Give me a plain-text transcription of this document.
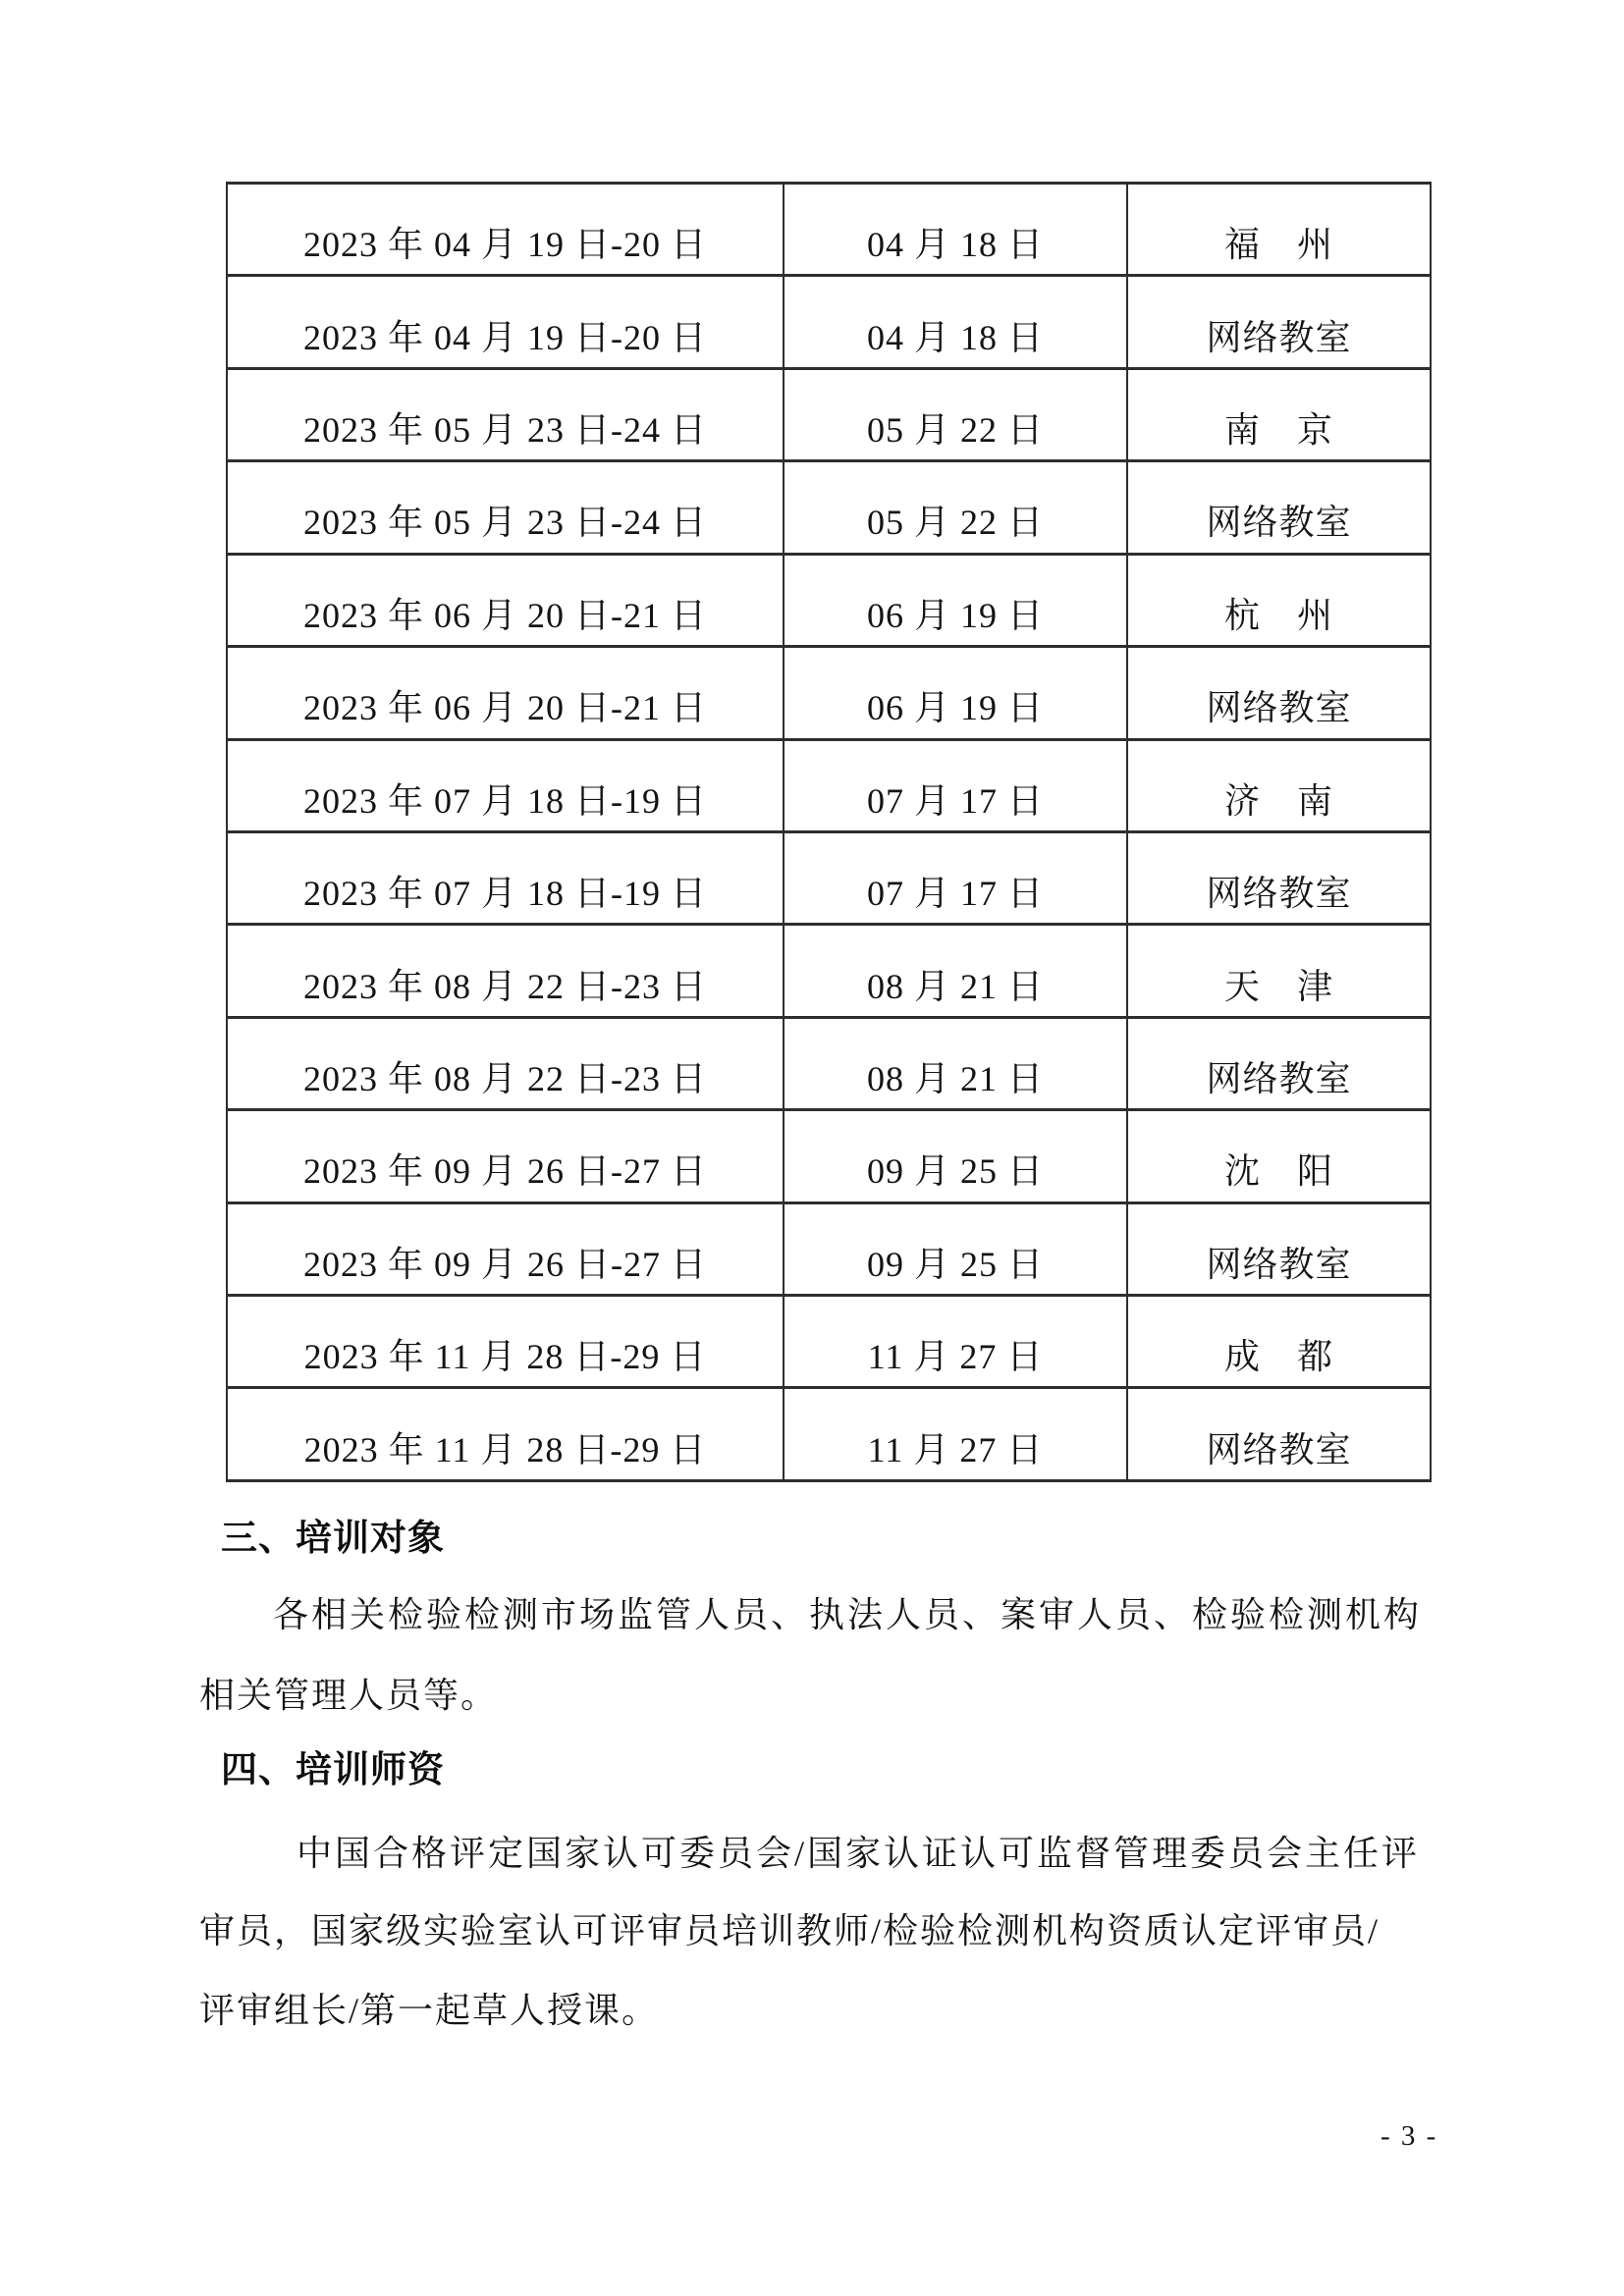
2023 年 04 月 19 日-20 日	04 月 18 日	福　州
2023 年 04 月 19 日-20 日	04 月 18 日	网络教室
2023 年 05 月 23 日-24 日	05 月 22 日	南　京
2023 年 05 月 23 日-24 日	05 月 22 日	网络教室
2023 年 06 月 20 日-21 日	06 月 19 日	杭　州
2023 年 06 月 20 日-21 日	06 月 19 日	网络教室
2023 年 07 月 18 日-19 日	07 月 17 日	济　南
2023 年 07 月 18 日-19 日	07 月 17 日	网络教室
2023 年 08 月 22 日-23 日	08 月 21 日	天　津
2023 年 08 月 22 日-23 日	08 月 21 日	网络教室
2023 年 09 月 26 日-27 日	09 月 25 日	沈　阳
2023 年 09 月 26 日-27 日	09 月 25 日	网络教室
2023 年 11 月 28 日-29 日	11 月 27 日	成　都
2023 年 11 月 28 日-29 日	11 月 27 日	网络教室
三、培训对象
各相关检验检测市场监管人员、执法人员、案审人员、检验检测机构
相关管理人员等。
四、培训师资
中国合格评定国家认可委员会/国家认证认可监督管理委员会主任评
审员，国家级实验室认可评审员培训教师/检验检测机构资质认定评审员/
评审组长/第一起草人授课。
- 3 -
